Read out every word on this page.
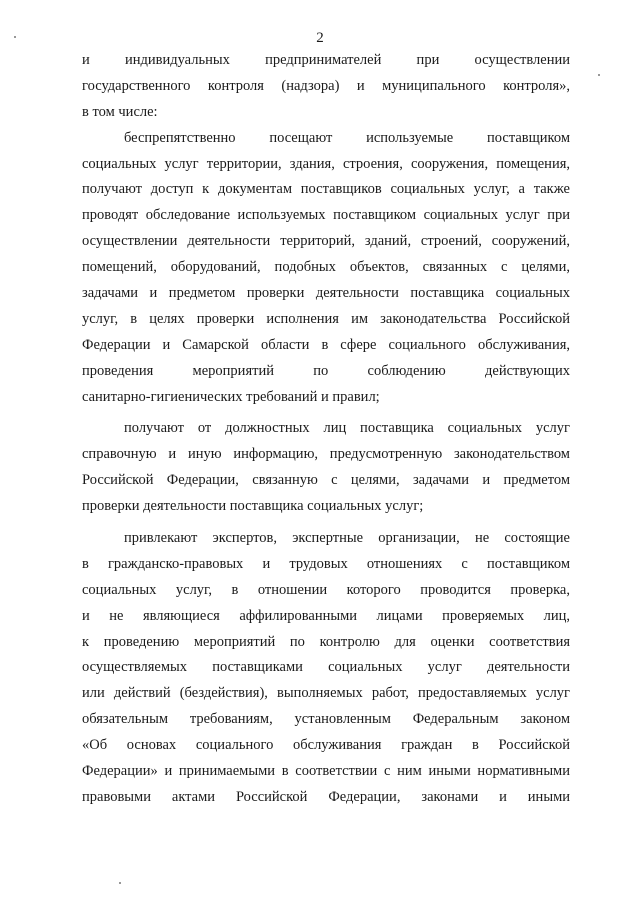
2
и индивидуальных предпринимателей при осуществлении
государственного контроля (надзора) и муниципального контроля»,
в том числе:
беспрепятственно посещают используемые поставщиком
социальных услуг территории, здания, строения, сооружения, помещения,
получают доступ к документам поставщиков социальных услуг, а также
проводят обследование используемых поставщиком социальных услуг при
осуществлении деятельности территорий, зданий, строений, сооружений,
помещений, оборудований, подобных объектов, связанных с целями,
задачами и предметом проверки деятельности поставщика социальных
услуг, в целях проверки исполнения им законодательства Российской
Федерации и Самарской области в сфере социального обслуживания,
проведения мероприятий по соблюдению действующих
санитарно-гигиенических требований и правил;
получают от должностных лиц поставщика социальных услуг
справочную и иную информацию, предусмотренную законодательством
Российской Федерации, связанную с целями, задачами и предметом
проверки деятельности поставщика социальных услуг;
привлекают экспертов, экспертные организации, не состоящие
в гражданско-правовых и трудовых отношениях с поставщиком
социальных услуг, в отношении которого проводится проверка,
и не являющиеся аффилированными лицами проверяемых лиц,
к проведению мероприятий по контролю для оценки соответствия
осуществляемых поставщиками социальных услуг деятельности
или действий (бездействия), выполняемых работ, предоставляемых услуг
обязательным требованиям, установленным Федеральным законом
«Об основах социального обслуживания граждан в Российской
Федерации» и принимаемыми в соответствии с ним иными нормативными
правовыми актами Российской Федерации, законами и иными
